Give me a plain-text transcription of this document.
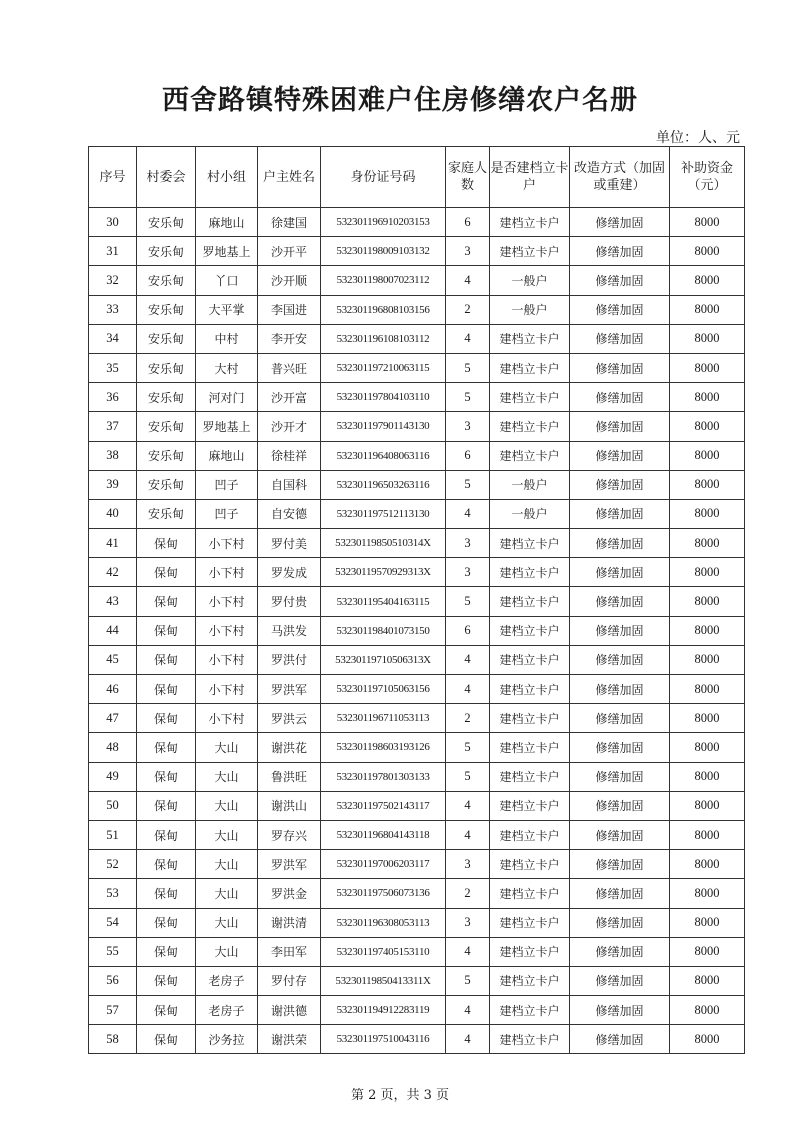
西舍路镇特殊困难户住房修缮农户名册
单位：人、元
序号	村委会	村小组	户主姓名	身份证号码	家庭人数	是否建档立卡户	改造方式（加固或重建）	补助资金（元）
30	安乐甸	麻地山	徐建国	532301196910203153	6	建档立卡户	修缮加固	8000
31	安乐甸	罗地基上	沙开平	532301198009103132	3	建档立卡户	修缮加固	8000
32	安乐甸	丫口	沙开顺	532301198007023112	4	一般户	修缮加固	8000
33	安乐甸	大平掌	李国进	532301196808103156	2	一般户	修缮加固	8000
34	安乐甸	中村	李开安	532301196108103112	4	建档立卡户	修缮加固	8000
35	安乐甸	大村	普兴旺	532301197210063115	5	建档立卡户	修缮加固	8000
36	安乐甸	河对门	沙开富	532301197804103110	5	建档立卡户	修缮加固	8000
37	安乐甸	罗地基上	沙开才	532301197901143130	3	建档立卡户	修缮加固	8000
38	安乐甸	麻地山	徐桂祥	532301196408063116	6	建档立卡户	修缮加固	8000
39	安乐甸	凹子	自国科	532301196503263116	5	一般户	修缮加固	8000
40	安乐甸	凹子	自安德	532301197512113130	4	一般户	修缮加固	8000
41	保甸	小下村	罗付美	53230119850510314X	3	建档立卡户	修缮加固	8000
42	保甸	小下村	罗发成	53230119570929313X	3	建档立卡户	修缮加固	8000
43	保甸	小下村	罗付贵	532301195404163115	5	建档立卡户	修缮加固	8000
44	保甸	小下村	马洪发	532301198401073150	6	建档立卡户	修缮加固	8000
45	保甸	小下村	罗洪付	53230119710506313X	4	建档立卡户	修缮加固	8000
46	保甸	小下村	罗洪军	532301197105063156	4	建档立卡户	修缮加固	8000
47	保甸	小下村	罗洪云	532301196711053113	2	建档立卡户	修缮加固	8000
48	保甸	大山	谢洪花	532301198603193126	5	建档立卡户	修缮加固	8000
49	保甸	大山	鲁洪旺	532301197801303133	5	建档立卡户	修缮加固	8000
50	保甸	大山	谢洪山	532301197502143117	4	建档立卡户	修缮加固	8000
51	保甸	大山	罗存兴	532301196804143118	4	建档立卡户	修缮加固	8000
52	保甸	大山	罗洪军	532301197006203117	3	建档立卡户	修缮加固	8000
53	保甸	大山	罗洪金	532301197506073136	2	建档立卡户	修缮加固	8000
54	保甸	大山	谢洪清	532301196308053113	3	建档立卡户	修缮加固	8000
55	保甸	大山	李田军	532301197405153110	4	建档立卡户	修缮加固	8000
56	保甸	老房子	罗付存	53230119850413311X	5	建档立卡户	修缮加固	8000
57	保甸	老房子	谢洪德	532301194912283119	4	建档立卡户	修缮加固	8000
58	保甸	沙务拉	谢洪荣	532301197510043116	4	建档立卡户	修缮加固	8000
第 2 页，共 3 页
